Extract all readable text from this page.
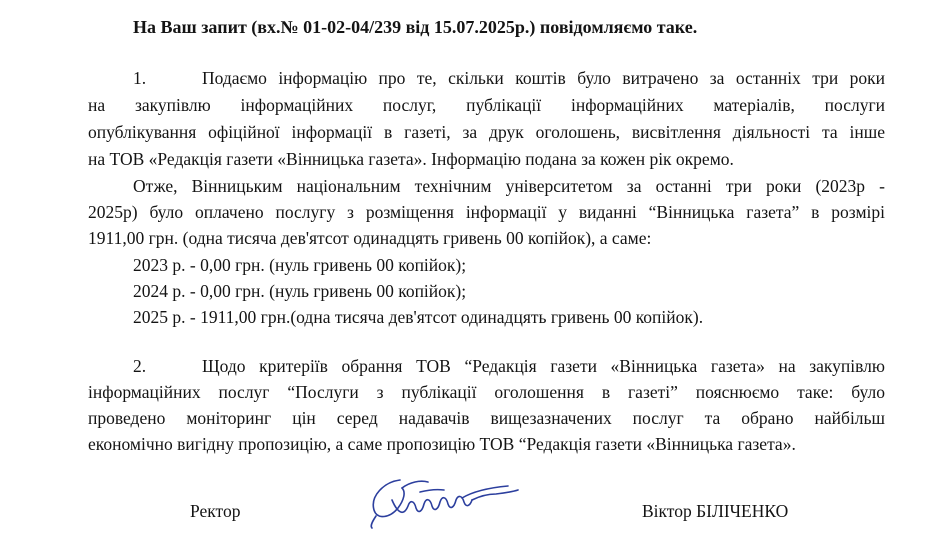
На Ваш запит (вх.№ 01-02-04/239 від 15.07.2025р.) повідомляємо таке.
1.	Подаємо інформацію про те, скільки коштів було витрачено за останніх три роки
на закупівлю інформаційних послуг, публікації інформаційних матеріалів, послуги
опублікування офіційної інформації в газеті, за друк оголошень, висвітлення діяльності та інше
на ТОВ «Редакція газети «Вінницька газета». Інформацію подана за кожен рік окремо.
Отже, Вінницьким національним технічним університетом за останні три роки (2023р -
2025р) було оплачено послугу з розміщення інформації у виданні “Вінницька газета” в розмірі
1911,00 грн. (одна тисяча дев'ятсот одинадцять гривень 00 копійок), а саме:
2023 р. - 0,00 грн. (нуль гривень 00 копійок);
2024 р. - 0,00 грн. (нуль гривень 00 копійок);
2025 р. - 1911,00 грн.(одна тисяча дев'ятсот одинадцять гривень 00 копійок).
2.	Щодо критеріїв обрання ТОВ “Редакція газети «Вінницька газета» на закупівлю
інформаційних послуг “Послуги з публікації оголошення в газеті” пояснюємо таке: було
проведено моніторинг цін серед надавачів вищезазначених послуг та обрано найбільш
економічно вигідну пропозицію, а саме пропозицію ТОВ “Редакція газети «Вінницька газета».
Ректор	Віктор БІЛІЧЕНКО
